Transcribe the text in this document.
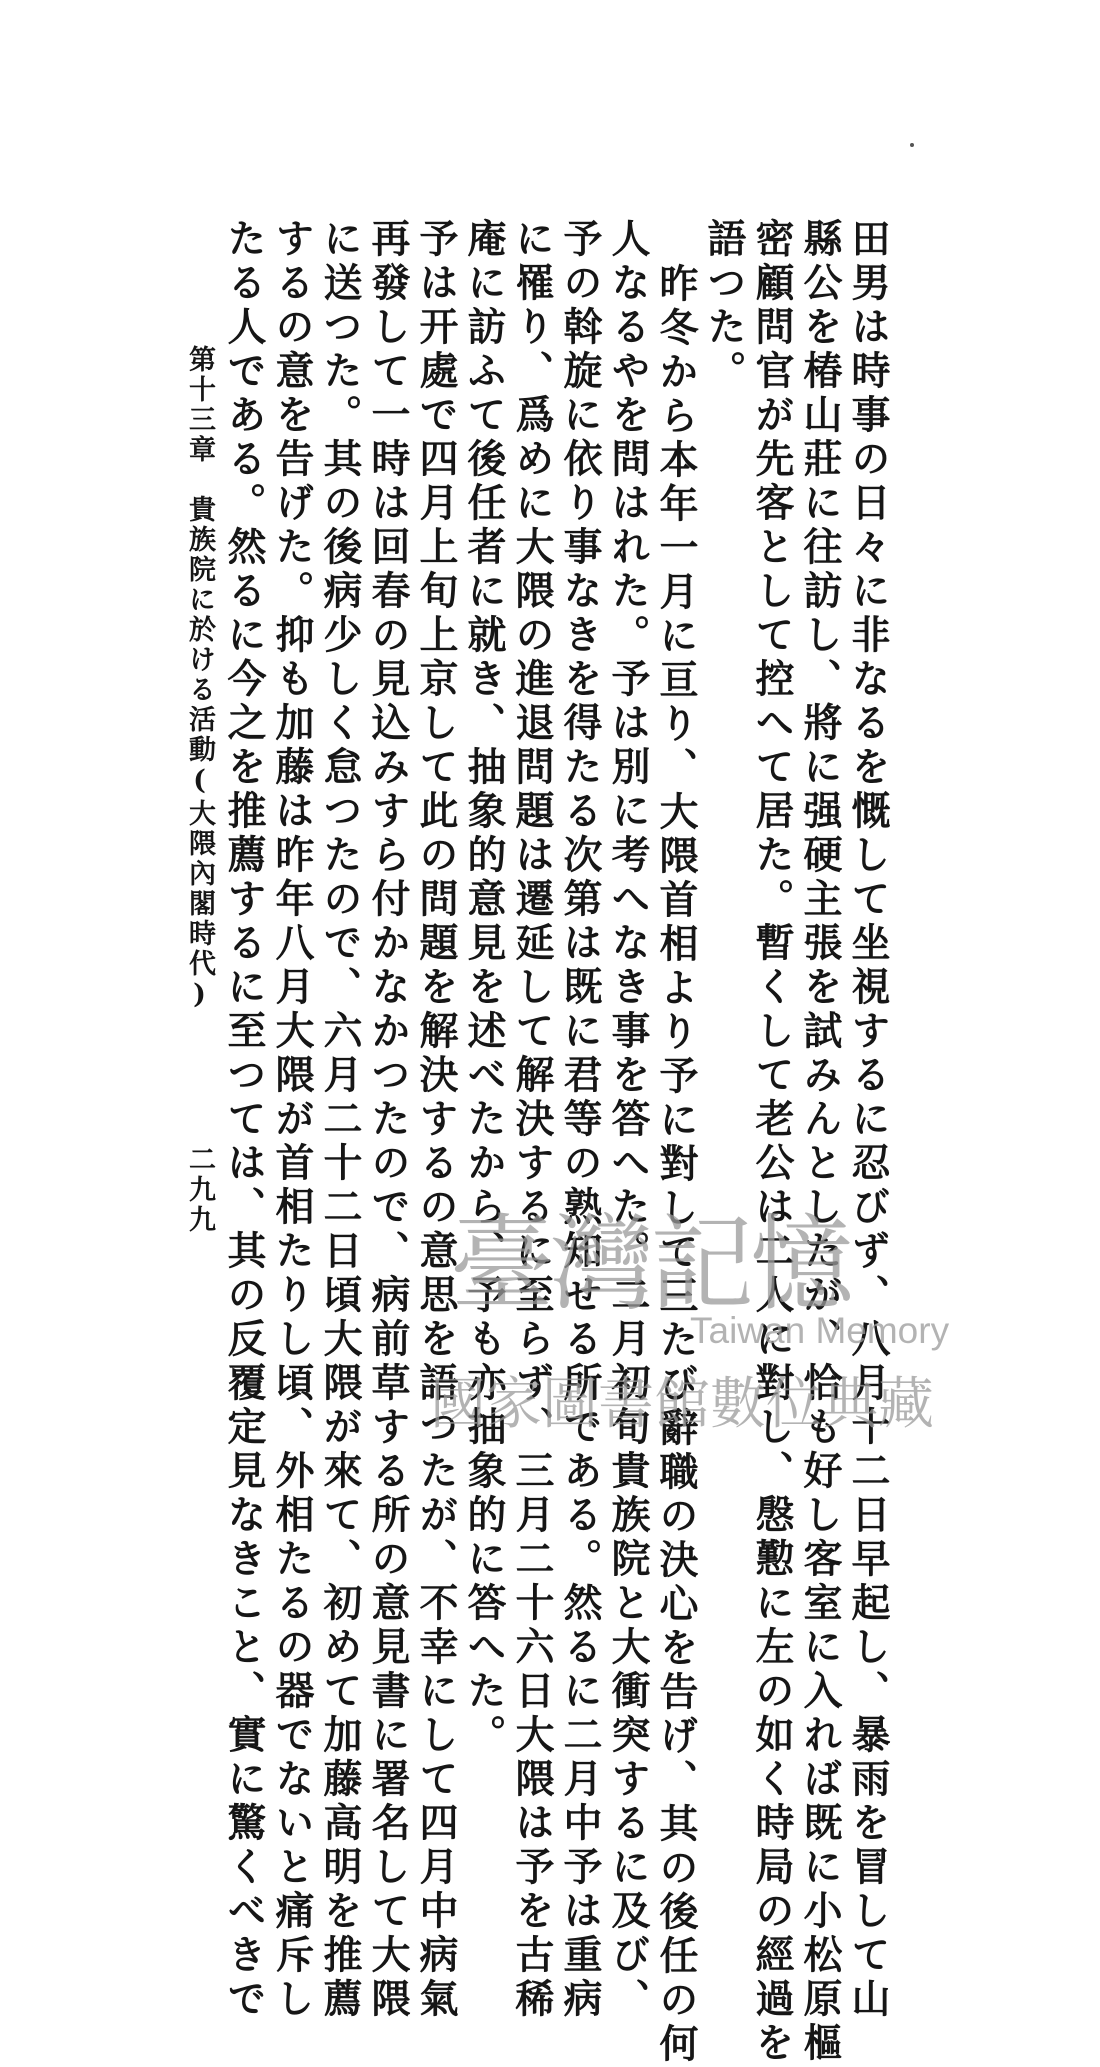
田男は時事の日々に非なるを慨して坐視するに忍びず、八月十二日早起し、暴雨を冒して山
縣公を椿山莊に往訪し、將に强硬主張を試みんとしたが、恰も好し客室に入れば既に小松原樞
密顧問官が先客として控へて居た。暫くして老公は二人に對し、慇懃に左の如く時局の經過を
語つた。
昨冬から本年一月に亘り、大隈首相より予に對して三たび辭職の決心を告げ、其の後任の何
人なるやを問はれた。予は別に考へなき事を答へた。二月初旬貴族院と大衝突するに及び、
予の斡旋に依り事なきを得たる次第は既に君等の熟知せる所である。然るに二月中予は重病
に罹り、爲めに大隈の進退問題は遷延して解決するに至らず、三月二十六日大隈は予を古稀
庵に訪ふて後任者に就き、抽象的意見を述べたから、予も亦抽象的に答へた。
予は开處で四月上旬上京して此の問題を解決するの意思を語つたが、不幸にして四月中病氣
再發して一時は回春の見込みすら付かなかつたので、病前草する所の意見書に署名して大隈
に送つた。其の後病少しく怠つたので、六月二十二日頃大隈が來て、初めて加藤高明を推薦
するの意を告げた。抑も加藤は昨年八月大隈が首相たりし頃、外相たるの器でないと痛斥し
たる人である。然るに今之を推薦するに至つては、其の反覆定見なきこと、實に驚くべきで
第十三章　貴族院に於ける活動(大隈內閣時代)
二九九
臺灣記憶
Taiwan Memory
國家圖書館數位典藏
